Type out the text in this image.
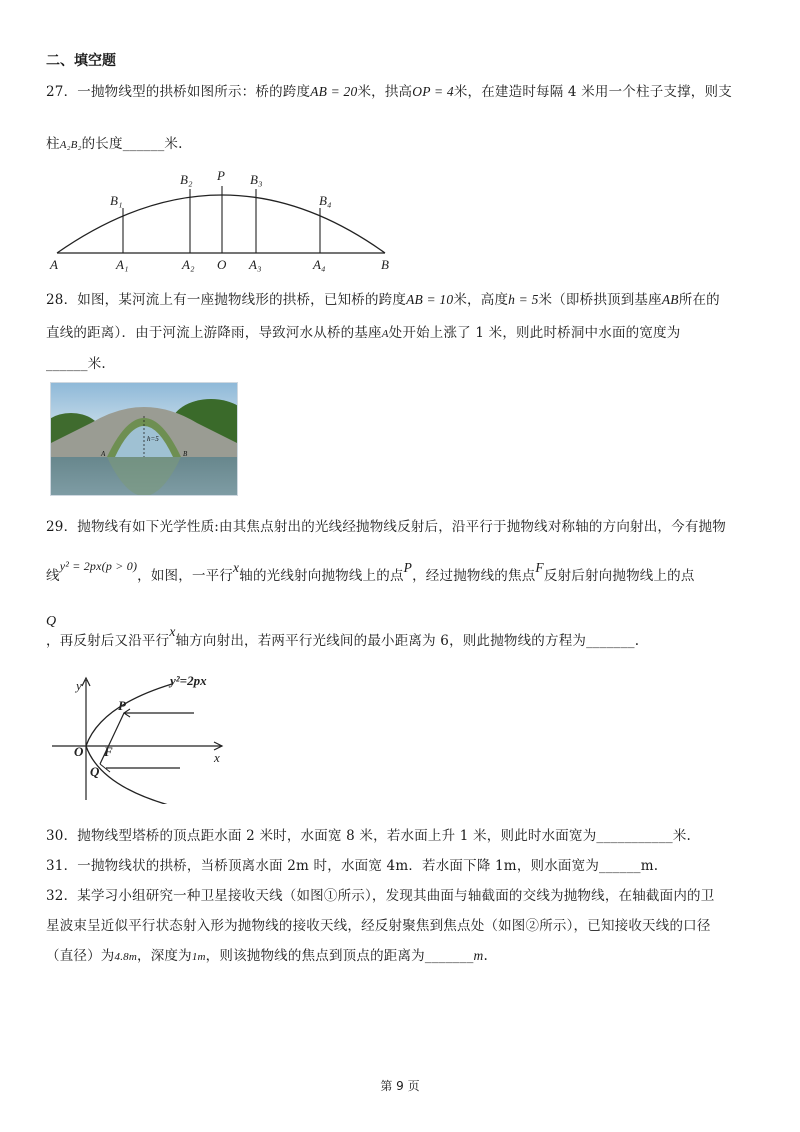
二、填空题
27．一抛物线型的拱桥如图所示：桥的跨度AB = 20米，拱高OP = 4米，在建造时每隔 4 米用一个柱子支撑，则支
柱A₂B₂的长度______米.
A	A₁	A₂ O A₃	A₄	B
B₁
B₂ P B₃
B₄
28．如图，某河流上有一座抛物线形的拱桥，已知桥的跨度AB = 10米，高度h = 5米（即桥拱顶到基座AB所在的
直线的距离）．由于河流上游降雨，导致河水从桥的基座A处开始上涨了 1 米，则此时桥洞中水面的宽度为
______米.
h=5
A	B
29．抛物线有如下光学性质:由其焦点射出的光线经抛物线反射后，沿平行于抛物线对称轴的方向射出，今有抛物
线y² = 2px(p > 0)，如图，一平行x轴的光线射向抛物线上的点P，经过抛物线的焦点F反射后射向抛物线上的点
Q
，再反射后又沿平行x轴方向射出，若两平行光线间的最小距离为 6，则此抛物线的方程为_______.
y	y²=2px
P
O F
Q
x
30．抛物线型塔桥的顶点距水面 2 米时，水面宽 8 米，若水面上升 1 米，则此时水面宽为___________米.
31．一抛物线状的拱桥，当桥顶离水面 2m 时，水面宽 4m．若水面下降 1m，则水面宽为______m.
32．某学习小组研究一种卫星接收天线（如图①所示），发现其曲面与轴截面的交线为抛物线，在轴截面内的卫
星波束呈近似平行状态射入形为抛物线的接收天线，经反射聚焦到焦点处（如图②所示），已知接收天线的口径
（直径）为4.8m，深度为1m，则该抛物线的焦点到顶点的距离为_______m.
第 9 页
